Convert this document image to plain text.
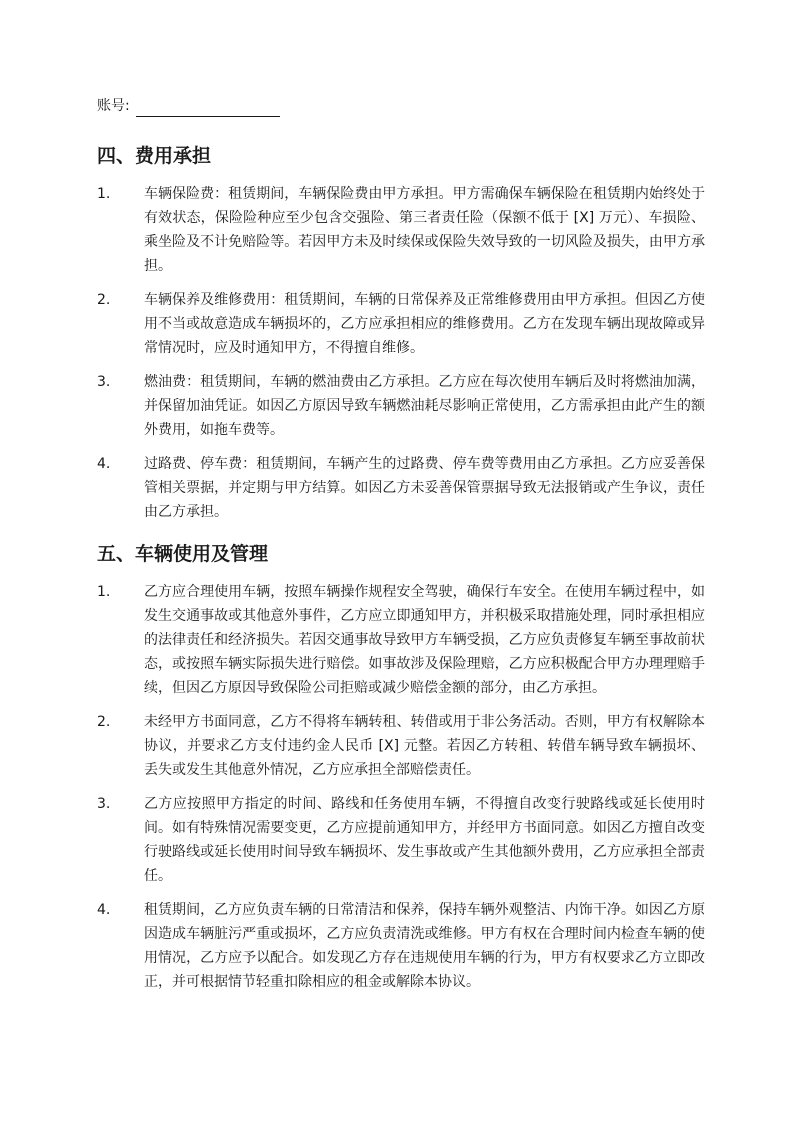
账号:
四、费用承担
1.	车辆保险费：租赁期间，车辆保险费由甲方承担。甲方需确保车辆保险在租赁期内始终处于有效状态，保险险种应至少包含交强险、第三者责任险（保额不低于 [X] 万元）、车损险、乘坐险及不计免赔险等。若因甲方未及时续保或保险失效导致的一切风险及损失，由甲方承担。
2.	车辆保养及维修费用：租赁期间，车辆的日常保养及正常维修费用由甲方承担。但因乙方使用不当或故意造成车辆损坏的，乙方应承担相应的维修费用。乙方在发现车辆出现故障或异常情况时，应及时通知甲方，不得擅自维修。
3.	燃油费：租赁期间，车辆的燃油费由乙方承担。乙方应在每次使用车辆后及时将燃油加满，并保留加油凭证。如因乙方原因导致车辆燃油耗尽影响正常使用，乙方需承担由此产生的额外费用，如拖车费等。
4.	过路费、停车费：租赁期间，车辆产生的过路费、停车费等费用由乙方承担。乙方应妥善保管相关票据，并定期与甲方结算。如因乙方未妥善保管票据导致无法报销或产生争议，责任由乙方承担。
五、车辆使用及管理
1.	乙方应合理使用车辆，按照车辆操作规程安全驾驶，确保行车安全。在使用车辆过程中，如发生交通事故或其他意外事件，乙方应立即通知甲方，并积极采取措施处理，同时承担相应的法律责任和经济损失。若因交通事故导致甲方车辆受损，乙方应负责修复车辆至事故前状态，或按照车辆实际损失进行赔偿。如事故涉及保险理赔，乙方应积极配合甲方办理理赔手续，但因乙方原因导致保险公司拒赔或减少赔偿金额的部分，由乙方承担。
2.	未经甲方书面同意，乙方不得将车辆转租、转借或用于非公务活动。否则，甲方有权解除本协议，并要求乙方支付违约金人民币 [X] 元整。若因乙方转租、转借车辆导致车辆损坏、丢失或发生其他意外情况，乙方应承担全部赔偿责任。
3.	乙方应按照甲方指定的时间、路线和任务使用车辆，不得擅自改变行驶路线或延长使用时间。如有特殊情况需要变更，乙方应提前通知甲方，并经甲方书面同意。如因乙方擅自改变行驶路线或延长使用时间导致车辆损坏、发生事故或产生其他额外费用，乙方应承担全部责任。
4.	租赁期间，乙方应负责车辆的日常清洁和保养，保持车辆外观整洁、内饰干净。如因乙方原因造成车辆脏污严重或损坏，乙方应负责清洗或维修。甲方有权在合理时间内检查车辆的使用情况，乙方应予以配合。如发现乙方存在违规使用车辆的行为，甲方有权要求乙方立即改正，并可根据情节轻重扣除相应的租金或解除本协议。
